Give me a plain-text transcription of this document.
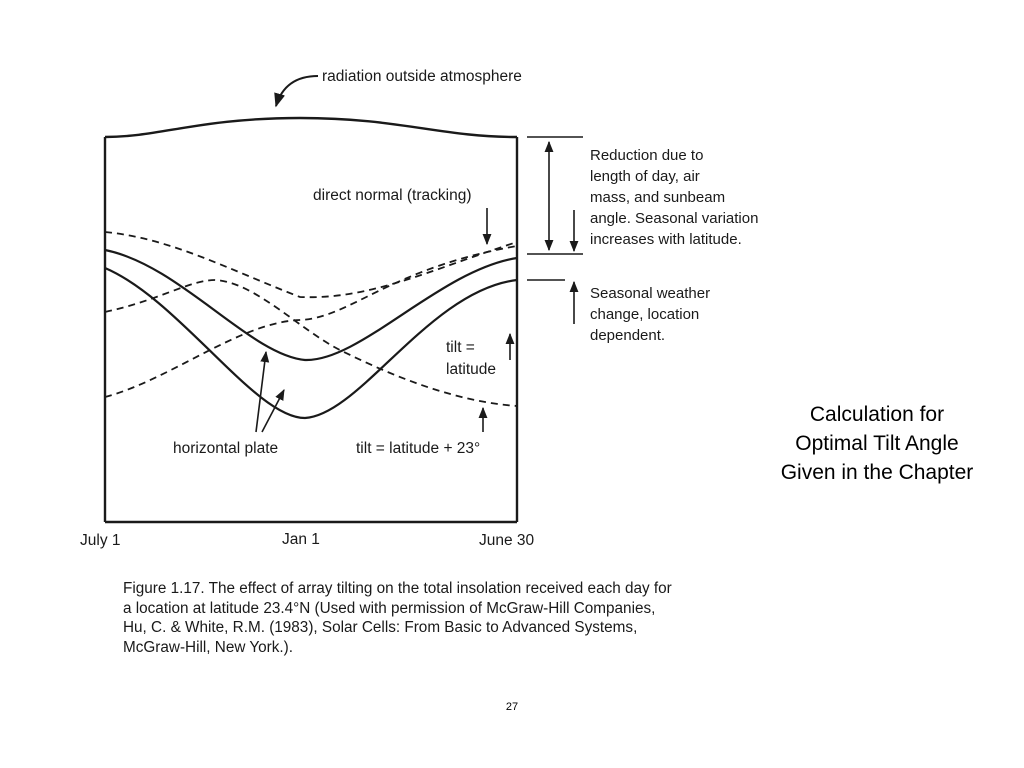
radiation outside atmosphere
direct normal (tracking)
tilt =
latitude
horizontal plate	tilt = latitude + 23°
July 1	Jan 1	June 30
Reduction due to
length of day, air
mass, and sunbeam
angle. Seasonal variation
increases with latitude.
Seasonal weather
change, location
dependent.
Calculation for
Optimal Tilt Angle
Given in the Chapter
Figure 1.17. The effect of array tilting on the total insolation received each day for
a location at latitude 23.4°N (Used with permission of McGraw-Hill Companies,
Hu, C. & White, R.M. (1983), Solar Cells: From Basic to Advanced Systems,
McGraw-Hill, New York.).
27
